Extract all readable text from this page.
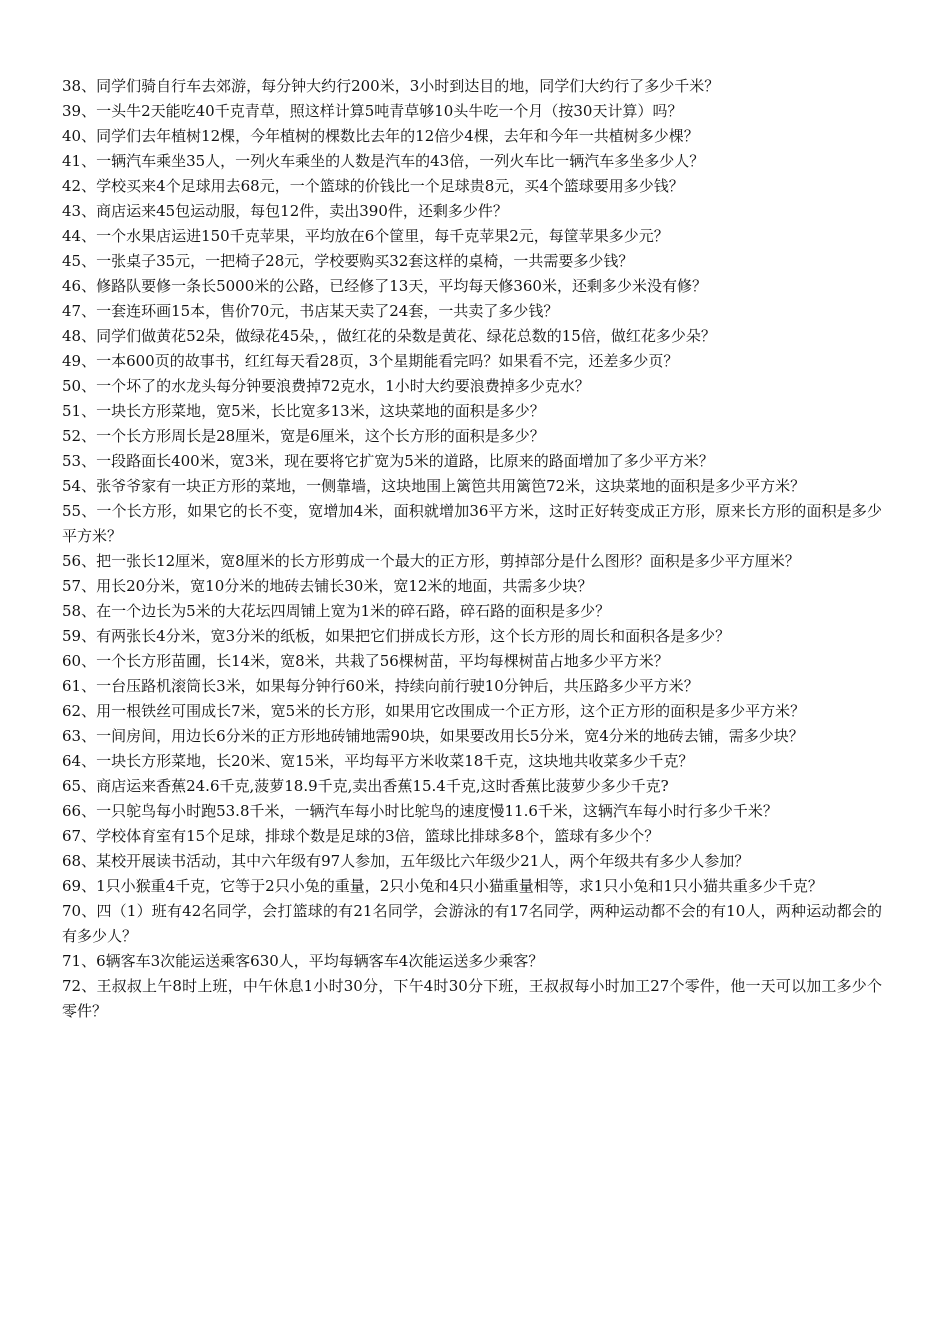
38、同学们骑自行车去郊游，每分钟大约行200米，3小时到达目的地，同学们大约行了多少千米？

39、一头牛2天能吃40千克青草，照这样计算5吨青草够10头牛吃一个月（按30天计算）吗？

40、同学们去年植树12棵，今年植树的棵数比去年的12倍少4棵，去年和今年一共植树多少棵？

41、一辆汽车乘坐35人，一列火车乘坐的人数是汽车的43倍，一列火车比一辆汽车多坐多少人？

42、学校买来4个足球用去68元，一个篮球的价钱比一个足球贵8元，买4个篮球要用多少钱？

43、商店运来45包运动服，每包12件，卖出390件，还剩多少件？

44、一个水果店运进150千克苹果，平均放在6个筐里，每千克苹果2元，每筐苹果多少元？

45、一张桌子35元，一把椅子28元，学校要购买32套这样的桌椅，一共需要多少钱？

46、修路队要修一条长5000米的公路，已经修了13天，平均每天修360米，还剩多少米没有修？

47、一套连环画15本，售价70元，书店某天卖了24套，一共卖了多少钱？

48、同学们做黄花52朵，做绿花45朵，，做红花的朵数是黄花、绿花总数的15倍，做红花多少朵？

49、一本600页的故事书，红红每天看28页，3个星期能看完吗？如果看不完，还差多少页？

50、一个坏了的水龙头每分钟要浪费掉72克水，1小时大约要浪费掉多少克水？

51、一块长方形菜地，宽5米，长比宽多13米，这块菜地的面积是多少？

52、一个长方形周长是28厘米，宽是6厘米，这个长方形的面积是多少？

53、一段路面长400米，宽3米，现在要将它扩宽为5米的道路，比原来的路面增加了多少平方米？

54、张爷爷家有一块正方形的菜地，一侧靠墙，这块地围上篱笆共用篱笆72米，这块菜地的面积是多少平方米？

55、一个长方形，如果它的长不变，宽增加4米，面积就增加36平方米，这时正好转变成正方形，原来长方形的面积是多少平方米？

56、把一张长12厘米，宽8厘米的长方形剪成一个最大的正方形，剪掉部分是什么图形？面积是多少平方厘米？

57、用长20分米，宽10分米的地砖去铺长30米，宽12米的地面，共需多少块？

58、在一个边长为5米的大花坛四周铺上宽为1米的碎石路，碎石路的面积是多少？

59、有两张长4分米，宽3分米的纸板，如果把它们拼成长方形，这个长方形的周长和面积各是多少？

60、一个长方形苗圃，长14米，宽8米，共栽了56棵树苗，平均每棵树苗占地多少平方米？

61、一台压路机滚筒长3米，如果每分钟行60米，持续向前行驶10分钟后，共压路多少平方米？

62、用一根铁丝可围成长7米，宽5米的长方形，如果用它改围成一个正方形，这个正方形的面积是多少平方米？

63、一间房间，用边长6分米的正方形地砖铺地需90块，如果要改用长5分米，宽4分米的地砖去铺，需多少块？

64、一块长方形菜地，长20米、宽15米，平均每平方米收菜18千克，这块地共收菜多少千克？

65、商店运来香蕉24.6千克,菠萝18.9千克,卖出香蕉15.4千克,这时香蕉比菠萝少多少千克?

66、一只鸵鸟每小时跑53.8千米，一辆汽车每小时比鸵鸟的速度慢11.6千米，这辆汽车每小时行多少千米？

67、学校体育室有15个足球，排球个数是足球的3倍，篮球比排球多8个，篮球有多少个？

68、某校开展读书活动，其中六年级有97人参加，五年级比六年级少21人，两个年级共有多少人参加？

69、1只小猴重4千克，它等于2只小兔的重量，2只小兔和4只小猫重量相等，求1只小兔和1只小猫共重多少千克？

70、四（1）班有42名同学，会打篮球的有21名同学，会游泳的有17名同学，两种运动都不会的有10人，两种运动都会的有多少人？

71、6辆客车3次能运送乘客630人，平均每辆客车4次能运送多少乘客？

72、王叔叔上午8时上班，中午休息1小时30分，下午4时30分下班，王叔叔每小时加工27个零件，他一天可以加工多少个零件？
